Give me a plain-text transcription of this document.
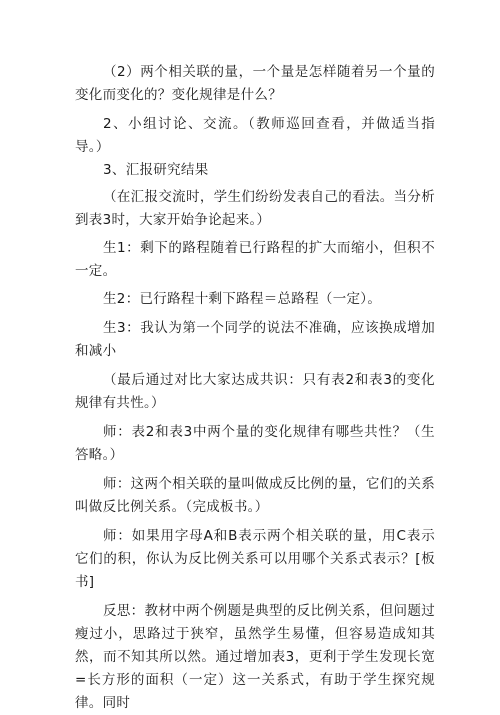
（2）两个相关联的量，一个量是怎样随着另一个量的变化而变化的？变化规律是什么？

2、小组讨论、交流。（教师巡回查看，并做适当指导。）

3、汇报研究结果

（在汇报交流时，学生们纷纷发表自己的看法。当分析到表3时，大家开始争论起来。）

生1：剩下的路程随着已行路程的扩大而缩小，但积不一定。

生2：已行路程十剩下路程＝总路程（一定）。

生3：我认为第一个同学的说法不准确，应该换成增加和减小

（最后通过对比大家达成共识：只有表2和表3的变化规律有共性。）

师：表2和表3中两个量的变化规律有哪些共性？（生答略。）

师：这两个相关联的量叫做成反比例的量，它们的关系叫做反比例关系。（完成板书。）

师：如果用字母A和B表示两个相关联的量，用C表示它们的积，你认为反比例关系可以用哪个关系式表示？[板书]

反思：教材中两个例题是典型的反比例关系，但问题过瘦过小，思路过于狭窄，虽然学生易懂，但容易造成知其然，而不知其所以然。通过增加表3，更利于学生发现长宽=长方形的面积（一定）这一关系式，有助于学生探究规律。同时
